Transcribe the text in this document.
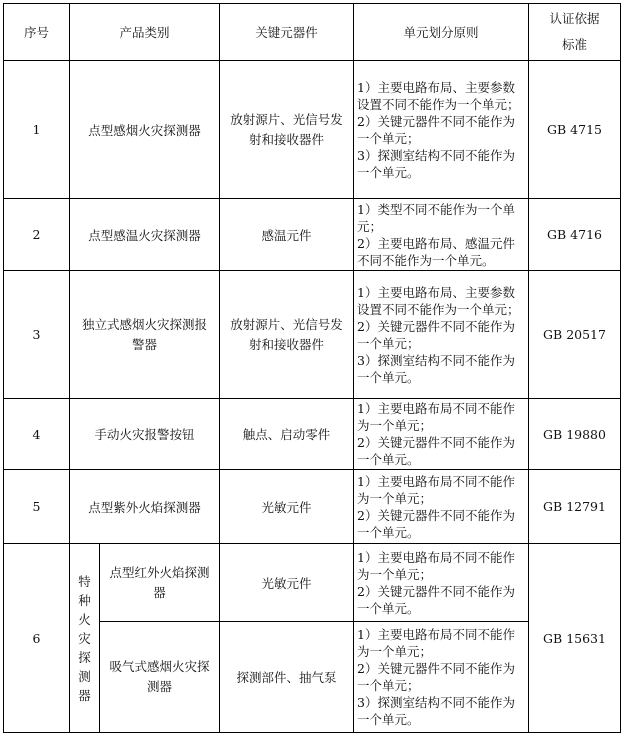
序号	产品类别		关键元器件	单元划分原则	认证依据标准
1	点型感烟火灾探测器		放射源片、光信号发射和接收器件	1）主要电路布局、主要参数设置不同不能作为一个单元；
2）关键元器件不同不能作为一个单元；
3）探测室结构不同不能作为一个单元。	GB 4715
2	点型感温火灾探测器		感温元件	1）类型不同不能作为一个单元；
2）主要电路布局、感温元件不同不能作为一个单元。	GB 4716
3	独立式感烟火灾探测报警器		放射源片、光信号发射和接收器件	1）主要电路布局、主要参数设置不同不能作为一个单元；
2）关键元器件不同不能作为一个单元；
3）探测室结构不同不能作为一个单元。	GB 20517
4	手动火灾报警按钮		触点、启动零件	1）主要电路布局不同不能作为一个单元；
2）关键元器件不同不能作为一个单元。	GB 19880
5	点型紫外火焰探测器		光敏元件	1）主要电路布局不同不能作为一个单元；
2）关键元器件不同不能作为一个单元。	GB 12791
6	特种火灾探测器	点型红外火焰探测器	光敏元件	1）主要电路布局不同不能作为一个单元；
2）关键元器件不同不能作为一个单元。	GB 15631
		吸气式感烟火灾探测器	探测部件、抽气泵	1）主要电路布局不同不能作为一个单元；
2）关键元器件不同不能作为一个单元；
3）探测室结构不同不能作为一个单元。	
